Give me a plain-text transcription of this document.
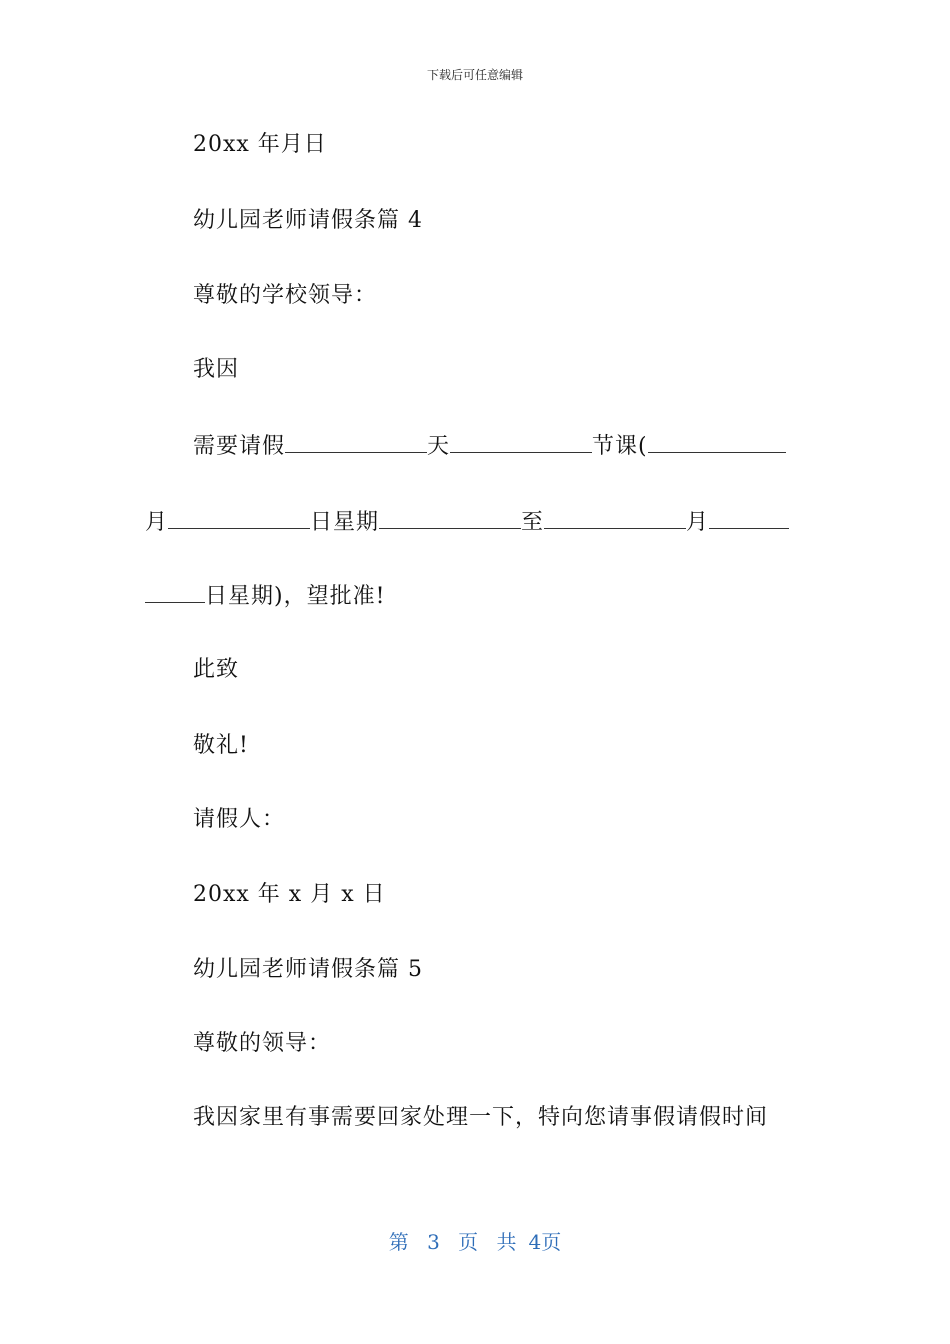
下载后可任意编辑
20xx 年月日
幼儿园老师请假条篇 4
尊敬的学校领导：
我因
需要请假	天	节课(
月	日星期	至	月
日星期)，望批准!
此致
敬礼!
请假人：
20xx 年 x 月 x 日
幼儿园老师请假条篇 5
尊敬的领导：
我因家里有事需要回家处理一下，特向您请事假请假时间
第 3 页 共 4页
